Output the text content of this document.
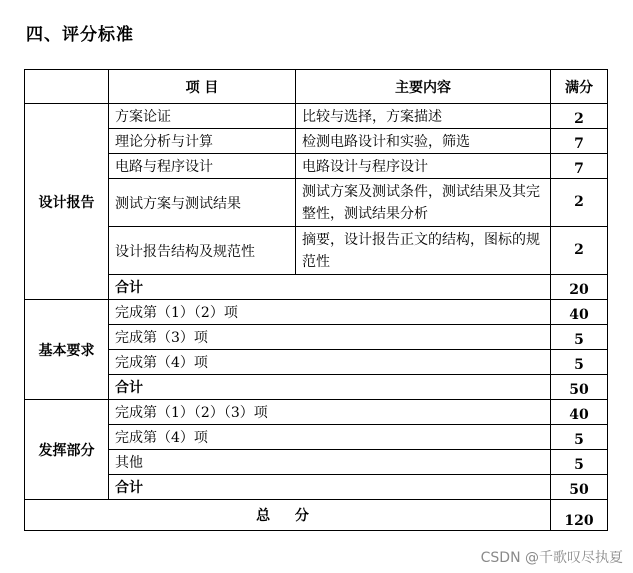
四、评分标准
	项 目	主要内容	满分
设计报告	方案论证	比较与选择，方案描述	2
	理论分析与计算	检测电路设计和实验，筛选	7
	电路与程序设计	电路设计与程序设计	7
	测试方案与测试结果	测试方案及测试条件，测试结果及其完整性，测试结果分析	2
	设计报告结构及规范性	摘要，设计报告正文的结构，图标的规范性	2
	合计		20
基本要求	完成第（1）（2）项		40
	完成第（3）项		5
	完成第（4）项		5
	合计		50
发挥部分	完成第（1）（2）（3）项		40
	完成第（4）项		5
	其他		5
	合计		50
总 分			120
CSDN @千歌叹尽执夏
